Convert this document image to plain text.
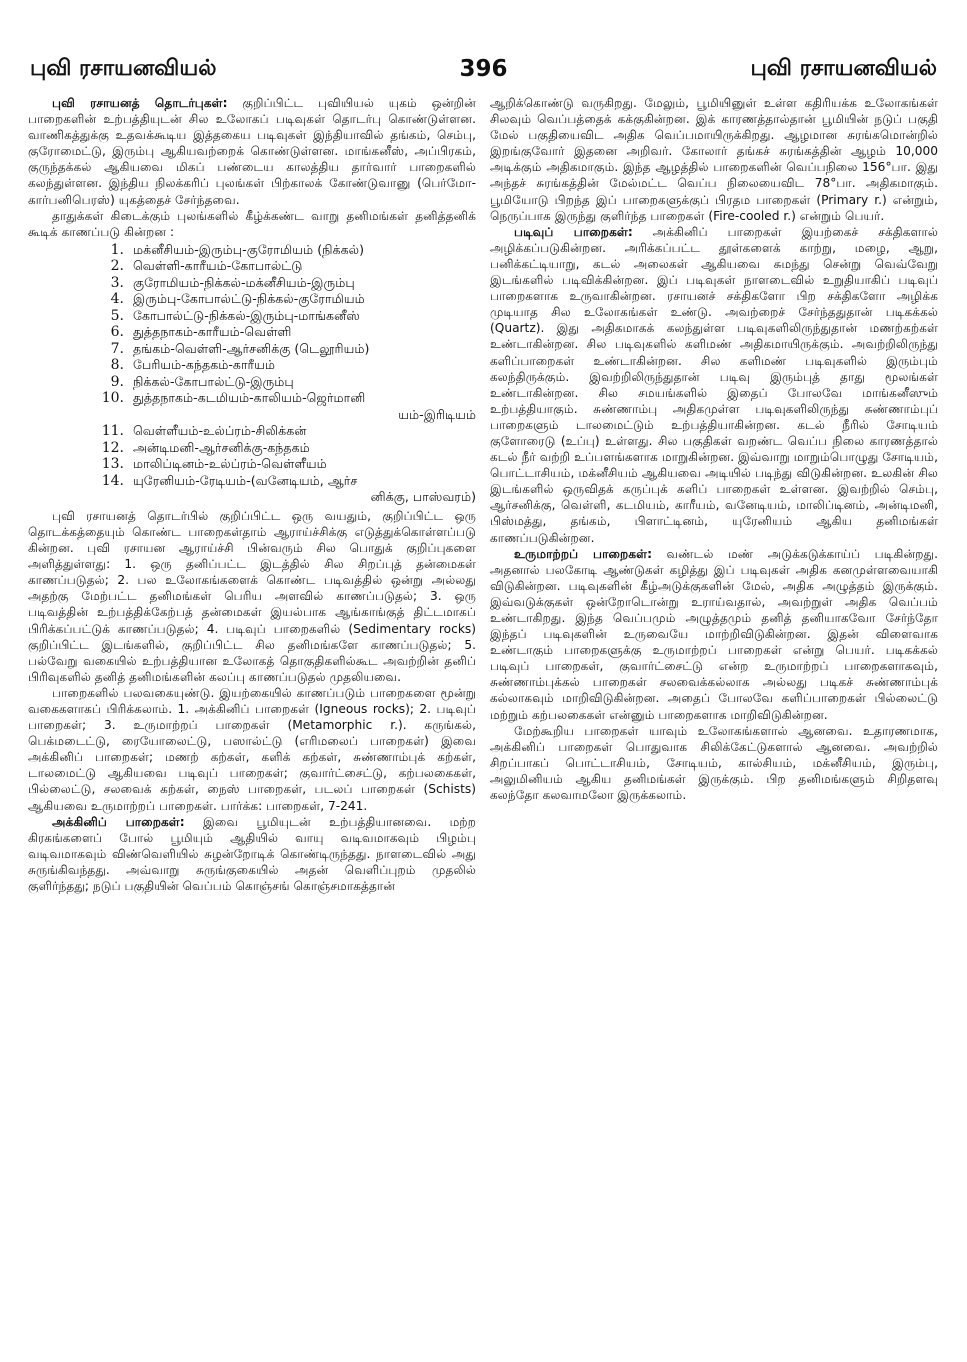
புவி ரசாயனவியல்	396	புவி ரசாயனவியல்

புவி ரசாயனத் தொடர்புகள்: குறிப்பிட்ட புவியியல் யுகம் ஒன்றின் பாறைகளின் உற்பத்தியுடன் சில உலோகப் படிவுகள் தொடர்பு கொண்டுள்ளன. வாணிகத்துக்கு உதவக்கூடிய இத்தகைய படிவுகள் இந்தியாவில் தங்கம், செம்பு, குரோமைட்டு, இரும்பு ஆகியவற்றைக் கொண்டுள்ளன. மாங்கனீஸ், அப்பிரகம், குருந்தக்கல் ஆகியவை மிகப் பண்டைய காலத்திய தார்வார் பாறைகளில் கலந்துள்ளன. இந்திய நிலக்கரிப் புலங்கள் பிற்காலக் கோண்டுவானு (பெர்மோ-கார்பனிபெரஸ்) யுகத்தைச் சேர்ந்தவை.

தாதுக்கள் கிடைக்கும் புலங்களில் கீழ்க்கண்ட வாறு தனிமங்கள் தனித்தனிக் கூடிக் காணப்படு கின்றன :

1. மக்னீசியம்-இரும்பு-குரோமியம் (நிக்கல்)
2. வெள்ளி-காரீயம்-கோபால்ட்டு
3. குரோமியம்-நிக்கல்-மக்னீசியம்-இரும்பு
4. இரும்பு-கோபால்ட்டு-நிக்கல்-குரோமியம்
5. கோபால்ட்டு-நிக்கல்-இரும்பு-மாங்கனீஸ்
6. துத்தநாகம்-காரீயம்-வெள்ளி
7. தங்கம்-வெள்ளி-ஆர்சனிக்கு (டெலூரியம்)
8. பேரியம்-கந்தகம்-காரீயம்
9. நிக்கல்-கோபால்ட்டு-இரும்பு
10. துத்தநாகம்-கடமியம்-காலியம்-ஜெர்மானி
யம்-இரிடியம்
11. வெள்ளீயம்-உல்ப்ரம்-சிலிக்கன்
12. அன்டிமனி-ஆர்சனிக்கு-கந்தகம்
13. மாலிப்டினம்-உல்ப்ரம்-வெள்ளீயம்
14. யுரேனியம்-ரேடியம்-(வனேடியம், ஆர்ச
னிக்கு, பாஸ்வரம்)

புவி ரசாயனத் தொடர்பில் குறிப்பிட்ட ஒரு வயதும், குறிப்பிட்ட ஒரு தொடக்கத்தையும் கொண்ட பாறைகள்தாம் ஆராய்ச்சிக்கு எடுத்துக்கொள்ளப்படு கின்றன. புவி ரசாயன ஆராய்ச்சி பின்வரும் சில பொதுக் குறிப்புகளை அளித்துள்ளது: 1. ஒரு தனிப்பட்ட இடத்தில் சில சிறப்புத் தன்மைகள் காணப்படுதல்; 2. பல உலோகங்களைக் கொண்ட படிவத்தில் ஒன்று அல்லது அதற்கு மேற்பட்ட தனிமங்கள் பெரிய அளவில் காணப்படுதல்; 3. ஒரு படிவத்தின் உற்பத்திக்கேற்பத் தன்மைகள் இயல்பாக ஆங்காங்குத் திட்டமாகப் பிரிக்கப்பட்டுக் காணப்படுதல்; 4. படிவுப் பாறைகளில் (Sedimentary rocks) குறிப்பிட்ட இடங்களில், குறிப்பிட்ட சில தனிமங்களே காணப்படுதல்; 5. பல்வேறு வகையில் உற்பத்தியான உலோகத் தொகுதிகளில்கூட அவற்றின் தனிப் பிரிவுகளில் தனித் தனிமங்களின் கலப்பு காணப்படுதல் முதலியவை.

பாறைகளில் பலவகையுண்டு. இயற்கையில் காணப்படும் பாறைகளை மூன்று வகைகளாகப் பிரிக்கலாம். 1. அக்கினிப் பாறைகள் (Igneous rocks); 2. படிவுப் பாறைகள்; 3. உருமாற்றப் பாறைகள் (Metamorphic r.). கருங்கல், பெக்மடைட்டு, ரையோலைட்டு, பஸால்ட்டு (எரிமலைப் பாறைகள்) இவை அக்கினிப் பாறைகள்; மணற் கற்கள், களிக் கற்கள், சுண்ணாம்புக் கற்கள், டாலமைட்டு ஆகியவை படிவுப் பாறைகள்; குவார்ட்சைட்டு, கற்பலகைகள், பில்லைட்டு, சலவைக் கற்கள், நைஸ் பாறைகள், படலப் பாறைகள் (Schists) ஆகியவை உருமாற்றப் பாறைகள். பார்க்க: பாறைகள், 7-241.

அக்கினிப் பாறைகள்: இவை பூமியுடன் உற்பத்தியானவை. மற்ற கிரகங்களைப் போல் பூமியும் ஆதியில் வாயு வடிவமாகவும் பிழம்பு வடிவமாகவும் விண்வெளியில் சுழன்றோடிக் கொண்டிருந்தது. நாளடைவில் அது சுருங்கிவந்தது. அவ்வாறு சுருங்குகையில் அதன் வெளிப்புறம் முதலில் குளிர்ந்தது; நடுப் பகுதியின் வெப்பம் கொஞ்சங் கொஞ்சமாகத்தான்

ஆறிக்கொண்டு வருகிறது. மேலும், பூமியினுள் உள்ள கதிரியக்க உலோகங்கள் சிலவும் வெப்பத்தைக் கக்குகின்றன. இக் காரணத்தால்தான் பூமியின் நடுப் பகுதி மேல் பகுதியைவிட அதிக வெப்பமாயிருக்கிறது. ஆழமான சுரங்கமொன்றில் இறங்குவோர் இதனை அறிவர். கோலார் தங்கச் சுரங்கத்தின் ஆழம் 10,000 அடிக்கும் அதிகமாகும். இந்த ஆழத்தில் பாறைகளின் வெப்பநிலை 156°பா. இது அந்தச் சுரங்கத்தின் மேல்மட்ட வெப்ப நிலையைவிட 78°பா. அதிகமாகும். பூமியோடு பிறந்த இப் பாறைகளுக்குப் பிரதம பாறைகள் (Primary r.) என்றும், நெருப்பாக இருந்து குளிர்ந்த பாறைகள் (Fire-cooled r.) என்றும் பெயர்.

படிவுப் பாறைகள்: அக்கினிப் பாறைகள் இயற்கைச் சக்திகளால் அழிக்கப்படுகின்றன. அரிக்கப்பட்ட தூள்களைக் காற்று, மழை, ஆறு, பனிக்கட்டியாறு, கடல் அலைகள் ஆகியவை சுமந்து சென்று வெவ்வேறு இடங்களில் படிவிக்கின்றன. இப் படிவுகள் நாளடைவில் உறுதியாகிப் படிவுப் பாறைகளாக உருவாகின்றன. ரசாயனச் சக்திகளோ பிற சக்திகளோ அழிக்க முடியாத சில உலோகங்கள் உண்டு. அவற்றைச் சேர்ந்ததுதான் படிகக்கல் (Quartz). இது அதிகமாகக் கலந்துள்ள படிவுகளிலிருந்துதான் மணற்கற்கள் உண்டாகின்றன. சில படிவுகளில் களிமண் அதிகமாயிருக்கும். அவற்றிலிருந்து களிப்பாறைகள் உண்டாகின்றன. சில களிமண் படிவுகளில் இரும்பும் கலந்திருக்கும். இவற்றிலிருந்துதான் படிவு இரும்புத் தாது மூலங்கள் உண்டாகின்றன. சில சமயங்களில் இதைப் போலவே மாங்கனீஸும் உற்பத்தியாகும். சுண்ணாம்பு அதிகமுள்ள படிவுகளிலிருந்து சுண்ணாம்புப் பாறைகளும் டாலமைட்டும் உற்பத்தியாகின்றன. கடல் நீரில் சோடியம் குளோரைடு (உப்பு) உள்ளது. சில பகுதிகள் வறண்ட வெப்ப நிலை காரணத்தால் கடல் நீர் வற்றி உப்பளங்களாக மாறுகின்றன. இவ்வாறு மாறும்பொழுது சோடியம், பொட்டாசியம், மக்னீசியம் ஆகியவை அடியில் படிந்து விடுகின்றன. உலகின் சில இடங்களில் ஒருவிதக் கருப்புக் களிப் பாறைகள் உள்ளன. இவற்றில் செம்பு, ஆர்சனிக்கு, வெள்ளி, கடமியம், காரீயம், வனேடியம், மாலிப்டினம், அன்டிமனி, பிஸ்மத்து, தங்கம், பிளாட்டினம், யுரேனியம் ஆகிய தனிமங்கள் காணப்படுகின்றன.

உருமாற்றப் பாறைகள்: வண்டல் மண் அடுக்கடுக்காய்ப் படிகின்றது. அதனால் பலகோடி ஆண்டுகள் கழித்து இப் படிவுகள் அதிக கனமுள்ளவையாகி விடுகின்றன. படிவுகளின் கீழ்அடுக்குகளின் மேல், அதிக அழுத்தம் இருக்கும். இவ்வடுக்குகள் ஒன்றோடொன்று உராய்வதால், அவற்றுள் அதிக வெப்பம் உண்டாகிறது. இந்த வெப்பமும் அழுத்தமும் தனித் தனியாகவோ சேர்ந்தோ இந்தப் படிவுகளின் உருவையே மாற்றிவிடுகின்றன. இதன் விளைவாக உண்டாகும் பாறைகளுக்கு உருமாற்றப் பாறைகள் என்று பெயர். படிகக்கல் படிவுப் பாறைகள், குவார்ட்சைட்டு என்ற உருமாற்றப் பாறைகளாகவும், சுண்ணாம்புக்கல் பாறைகள் சலவைக்கல்லாக அல்லது படிகச் சுண்ணாம்புக் கல்லாகவும் மாறிவிடுகின்றன. அதைப் போலவே களிப்பாறைகள் பில்லைட்டு மற்றும் கற்பலகைகள் என்னும் பாறைகளாக மாறிவிடுகின்றன.

மேற்கூறிய பாறைகள் யாவும் உலோகங்களால் ஆனவை. உதாரணமாக, அக்கினிப் பாறைகள் பொதுவாக சிலிக்கேட்டுகளால் ஆனவை. அவற்றில் சிறப்பாகப் பொட்டாசியம், சோடியம், கால்சியம், மக்னீசியம், இரும்பு, அலுமினியம் ஆகிய தனிமங்கள் இருக்கும். பிற தனிமங்களும் சிறிதளவு கலந்தோ கலவாமலோ இருக்கலாம்.
